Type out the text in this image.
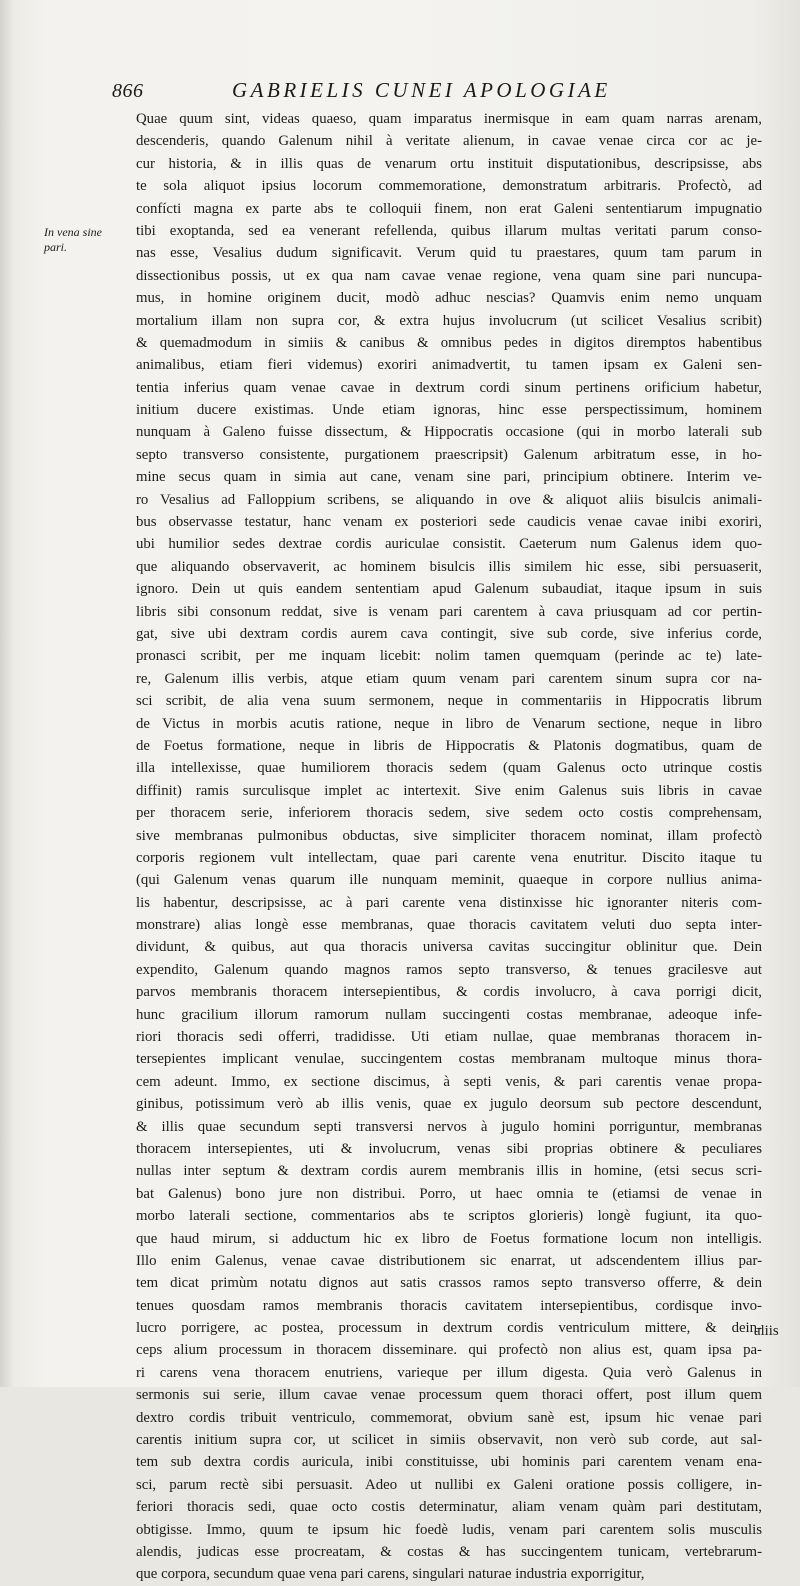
866	GABRIELIS CUNEI APOLOGIAE
In vena sine pari.
Quae quum sint, videas quaeso, quam imparatus inermisque in eam quam narras arenam,
descenderis, quando Galenum nihil à veritate alienum, in cavae venae circa cor ac je-
cur historia, & in illis quas de venarum ortu instituit disputationibus, descripsisse, abs
te sola aliquot ipsius locorum commemoratione, demonstratum arbitraris. Profectò, ad
confícti magna ex parte abs te colloquii finem, non erat Galeni sententiarum impugnatio
tibi exoptanda, sed ea venerant refellenda, quibus illarum multas veritati parum conso-
nas esse, Vesalius dudum significavit. Verum quid tu praestares, quum tam parum in
dissectionibus possis, ut ex qua nam cavae venae regione, vena quam sine pari nuncupa-
mus, in homine originem ducit, modò adhuc nescias? Quamvis enim nemo unquam
mortalium illam non supra cor, & extra hujus involucrum (ut scilicet Vesalius scribit)
& quemadmodum in simiis & canibus & omnibus pedes in digitos diremptos habentibus
animalibus, etiam fieri videmus) exoriri animadvertit, tu tamen ipsam ex Galeni sen-
tentia inferius quam venae cavae in dextrum cordi sinum pertinens orificium habetur,
initium ducere existimas. Unde etiam ignoras, hinc esse perspectissimum, hominem
nunquam à Galeno fuisse dissectum, & Hippocratis occasione (qui in morbo laterali sub
septo transverso consistente, purgationem praescripsit) Galenum arbitratum esse, in ho-
mine secus quam in simia aut cane, venam sine pari, principium obtinere. Interim ve-
ro Vesalius ad Falloppium scribens, se aliquando in ove & aliquot aliis bisulcis animali-
bus observasse testatur, hanc venam ex posteriori sede caudicis venae cavae inibi exoriri,
ubi humilior sedes dextrae cordis auriculae consistit. Caeterum num Galenus idem quo-
que aliquando observaverit, ac hominem bisulcis illis similem hic esse, sibi persuaserit,
ignoro. Dein ut quis eandem sententiam apud Galenum subaudiat, itaque ipsum in suis
libris sibi consonum reddat, sive is venam pari carentem à cava priusquam ad cor pertin-
gat, sive ubi dextram cordis aurem cava contingit, sive sub corde, sive inferius corde,
pronasci scribit, per me inquam licebit: nolim tamen quemquam (perinde ac te) late-
re, Galenum illis verbis, atque etiam quum venam pari carentem sinum supra cor na-
sci scribit, de alia vena suum sermonem, neque in commentariis in Hippocratis librum
de Victus in morbis acutis ratione, neque in libro de Venarum sectione, neque in libro
de Foetus formatione, neque in libris de Hippocratis & Platonis dogmatibus, quam de
illa intellexisse, quae humiliorem thoracis sedem (quam Galenus octo utrinque costis
diffinit) ramis surculisque implet ac intertexit. Sive enim Galenus suis libris in cavae
per thoracem serie, inferiorem thoracis sedem, sive sedem octo costis comprehensam,
sive membranas pulmonibus obductas, sive simpliciter thoracem nominat, illam profectò
corporis regionem vult intellectam, quae pari carente vena enutritur. Discito itaque tu
(qui Galenum venas quarum ille nunquam meminit, quaeque in corpore nullius anima-
lis habentur, descripsisse, ac à pari carente vena distinxisse hic ignoranter niteris com-
monstrare) alias longè esse membranas, quae thoracis cavitatem veluti duo septa inter-
dividunt, & quibus, aut qua thoracis universa cavitas succingitur oblinitur que. Dein
expendito, Galenum quando magnos ramos septo transverso, & tenues gracilesve aut
parvos membranis thoracem intersepientibus, & cordis involucro, à cava porrigi dicit,
hunc gracilium illorum ramorum nullam succingenti costas membranae, adeoque infe-
riori thoracis sedi offerri, tradidisse. Uti etiam nullae, quae membranas thoracem in-
tersepientes implicant venulae, succingentem costas membranam multoque minus thora-
cem adeunt. Immo, ex sectione discimus, à septi venis, & pari carentis venae propa-
ginibus, potissimum verò ab illis venis, quae ex jugulo deorsum sub pectore descendunt,
& illis quae secundum septi transversi nervos à jugulo homini porriguntur, membranas
thoracem intersepientes, uti & involucrum, venas sibi proprias obtinere & peculiares
nullas inter septum & dextram cordis aurem membranis illis in homine, (etsi secus scri-
bat Galenus) bono jure non distribui. Porro, ut haec omnia te (etiamsi de venae in
morbo laterali sectione, commentarios abs te scriptos glorieris) longè fugiunt, ita quo-
que haud mirum, si adductum hic ex libro de Foetus formatione locum non intelligis.
Illo enim Galenus, venae cavae distributionem sic enarrat, ut adscendentem illius par-
tem dicat primùm notatu dignos aut satis crassos ramos septo transverso offerre, & dein
tenues quosdam ramos membranis thoracis cavitatem intersepientibus, cordisque invo-
lucro porrigere, ac postea, processum in dextrum cordis ventriculum mittere, & dein-
ceps alium processum in thoracem disseminare. qui profectò non alius est, quam ipsa pa-
ri carens vena thoracem enutriens, varieque per illum digesta. Quia verò Galenus in
sermonis sui serie, illum cavae venae processum quem thoraci offert, post illum quem
dextro cordis tribuit ventriculo, commemorat, obvium sanè est, ipsum hic venae pari
carentis initium supra cor, ut scilicet in simiis observavit, non verò sub corde, aut sal-
tem sub dextra cordis auricula, inibi constituisse, ubi hominis pari carentem venam ena-
sci, parum rectè sibi persuasit. Adeo ut nullibi ex Galeni oratione possis colligere, in-
feriori thoracis sedi, quae octo costis determinatur, aliam venam quàm pari destitutam,
obtigisse. Immo, quum te ipsum hic foedè ludis, venam pari carentem solis musculis
alendis, judicas esse procreatam, & costas & has succingentem tunicam, vertebrarum-
que corpora, secundum quae vena pari carens, singulari naturae industria exporrigitur,
aliis
